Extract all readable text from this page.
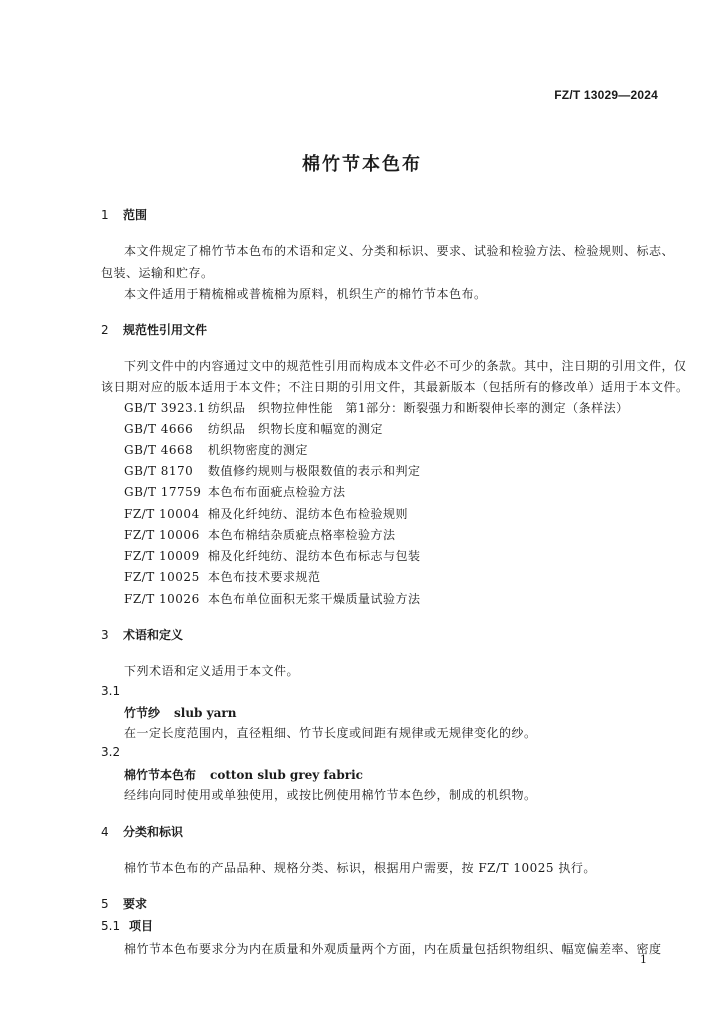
FZ/T 13029—2024
棉竹节本色布
1 范围
本文件规定了棉竹节本色布的术语和定义、分类和标识、要求、试验和检验方法、检验规则、标志、
包装、运输和贮存。
本文件适用于精梳棉或普梳棉为原料，机织生产的棉竹节本色布。
2 规范性引用文件
下列文件中的内容通过文中的规范性引用而构成本文件必不可少的条款。其中，注日期的引用文件，仅
该日期对应的版本适用于本文件；不注日期的引用文件，其最新版本（包括所有的修改单）适用于本文件。
GB/T 3923.1 纺织品　织物拉伸性能　第1部分：断裂强力和断裂伸长率的测定（条样法）
GB/T 4666 纺织品　织物长度和幅宽的测定
GB/T 4668 机织物密度的测定
GB/T 8170 数值修约规则与极限数值的表示和判定
GB/T 17759 本色布布面疵点检验方法
FZ/T 10004 棉及化纤纯纺、混纺本色布检验规则
FZ/T 10006 本色布棉结杂质疵点格率检验方法
FZ/T 10009 棉及化纤纯纺、混纺本色布标志与包装
FZ/T 10025 本色布技术要求规范
FZ/T 10026 本色布单位面积无浆干燥质量试验方法
3 术语和定义
下列术语和定义适用于本文件。
3.1
竹节纱 slub yarn
在一定长度范围内，直径粗细、竹节长度或间距有规律或无规律变化的纱。
3.2
棉竹节本色布 cotton slub grey fabric
经纬向同时使用或单独使用，或按比例使用棉竹节本色纱，制成的机织物。
4 分类和标识
棉竹节本色布的产品品种、规格分类、标识，根据用户需要，按 FZ/T 10025 执行。
5 要求
5.1 项目
棉竹节本色布要求分为内在质量和外观质量两个方面，内在质量包括织物组织、幅宽偏差率、密度
1
